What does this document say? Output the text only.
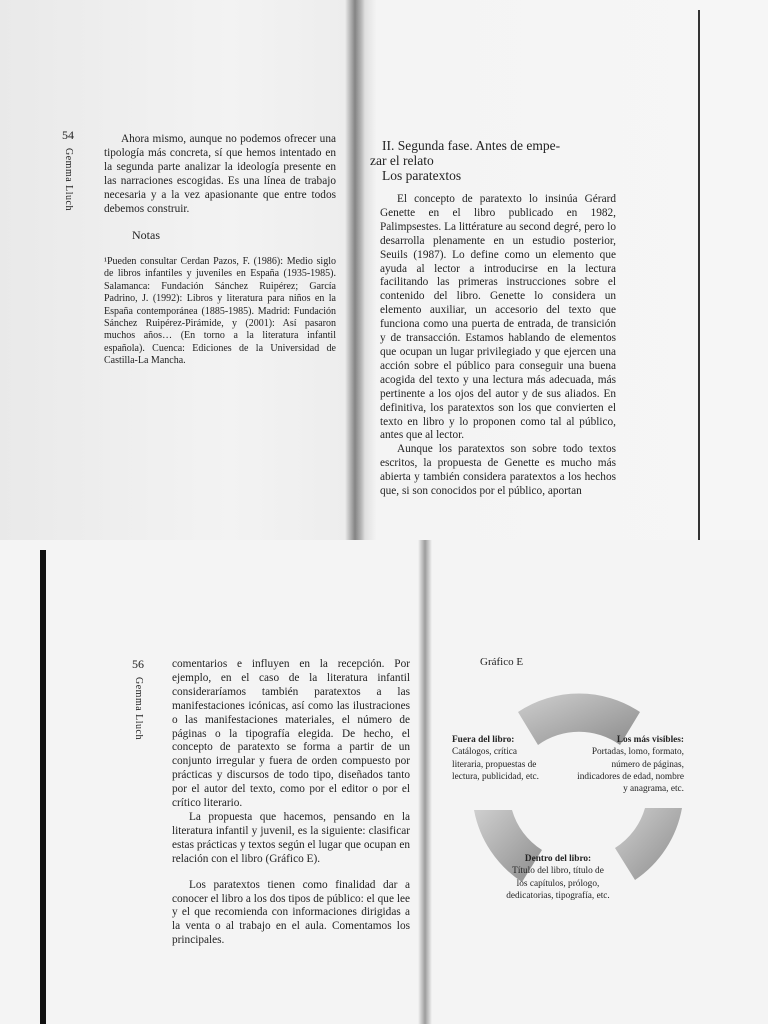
54
Gemma Lluch

Ahora mismo, aunque no podemos ofrecer una tipología más concreta, sí que hemos intentado en la segunda parte analizar la ideología presente en las narraciones escogidas. Es una línea de trabajo necesaria y a la vez apasionante que entre todos debemos construir.

Notas
¹Pueden consultar Cerdan Pazos, F. (1986): Medio siglo de libros infantiles y juveniles en España (1935-1985). Salamanca: Fundación Sánchez Ruipérez; García Padrino, J. (1992): Libros y literatura para niños en la España contemporánea (1885-1985). Madrid: Fundación Sánchez Ruipérez-Pirámide, y (2001): Así pasaron muchos años… (En torno a la literatura infantil española). Cuenca: Ediciones de la Universidad de Castilla-La Mancha.
II. Segunda fase. Antes de empe-
zar el relato
Los paratextos

El concepto de paratexto lo insinúa Gérard Genette en el libro publicado en 1982, Palimpsestes. La littérature au second degré, pero lo desarrolla plenamente en un estudio posterior, Seuils (1987). Lo define como un elemento que ayuda al lector a introducirse en la lectura facilitando las primeras instrucciones sobre el contenido del libro. Genette lo considera un elemento auxiliar, un accesorio del texto que funciona como una puerta de entrada, de transición y de transacción. Estamos hablando de elementos que ocupan un lugar privilegiado y que ejercen una acción sobre el público para conseguir una buena acogida del texto y una lectura más adecuada, más pertinente a los ojos del autor y de sus aliados. En definitiva, los paratextos son los que convierten el texto en libro y lo proponen como tal al público, antes que al lector.

Aunque los paratextos son sobre todo textos escritos, la propuesta de Genette es mucho más abierta y también considera paratextos a los hechos que, si son conocidos por el público, aportan

56
Gemma Lluch

comentarios e influyen en la recepción. Por ejemplo, en el caso de la literatura infantil consideraríamos también paratextos a las manifestaciones icónicas, así como las ilustraciones o las manifestaciones materiales, el número de páginas o la tipografía elegida. De hecho, el concepto de paratexto se forma a partir de un conjunto irregular y fuera de orden compuesto por prácticas y discursos de todo tipo, diseñados tanto por el autor del texto, como por el editor o por el crítico literario.

La propuesta que hacemos, pensando en la literatura infantil y juvenil, es la siguiente: clasificar estas prácticas y textos según el lugar que ocupan en relación con el libro (Gráfico E).

Los paratextos tienen como finalidad dar a conocer el libro a los dos tipos de público: el que lee y el que recomienda con informaciones dirigidas a la venta o al trabajo en el aula. Comentamos los principales.

Gráfico E
Fuera del libro:
Catálogos, crítica literaria, propuestas de lectura, publicidad, etc.
Los más visibles:
Portadas, lomo, formato, número de páginas, indicadores de edad, nombre y anagrama, etc.
Dentro del libro:
Título del libro, título de los capítulos, prólogo, dedicatorias, tipografía, etc.
